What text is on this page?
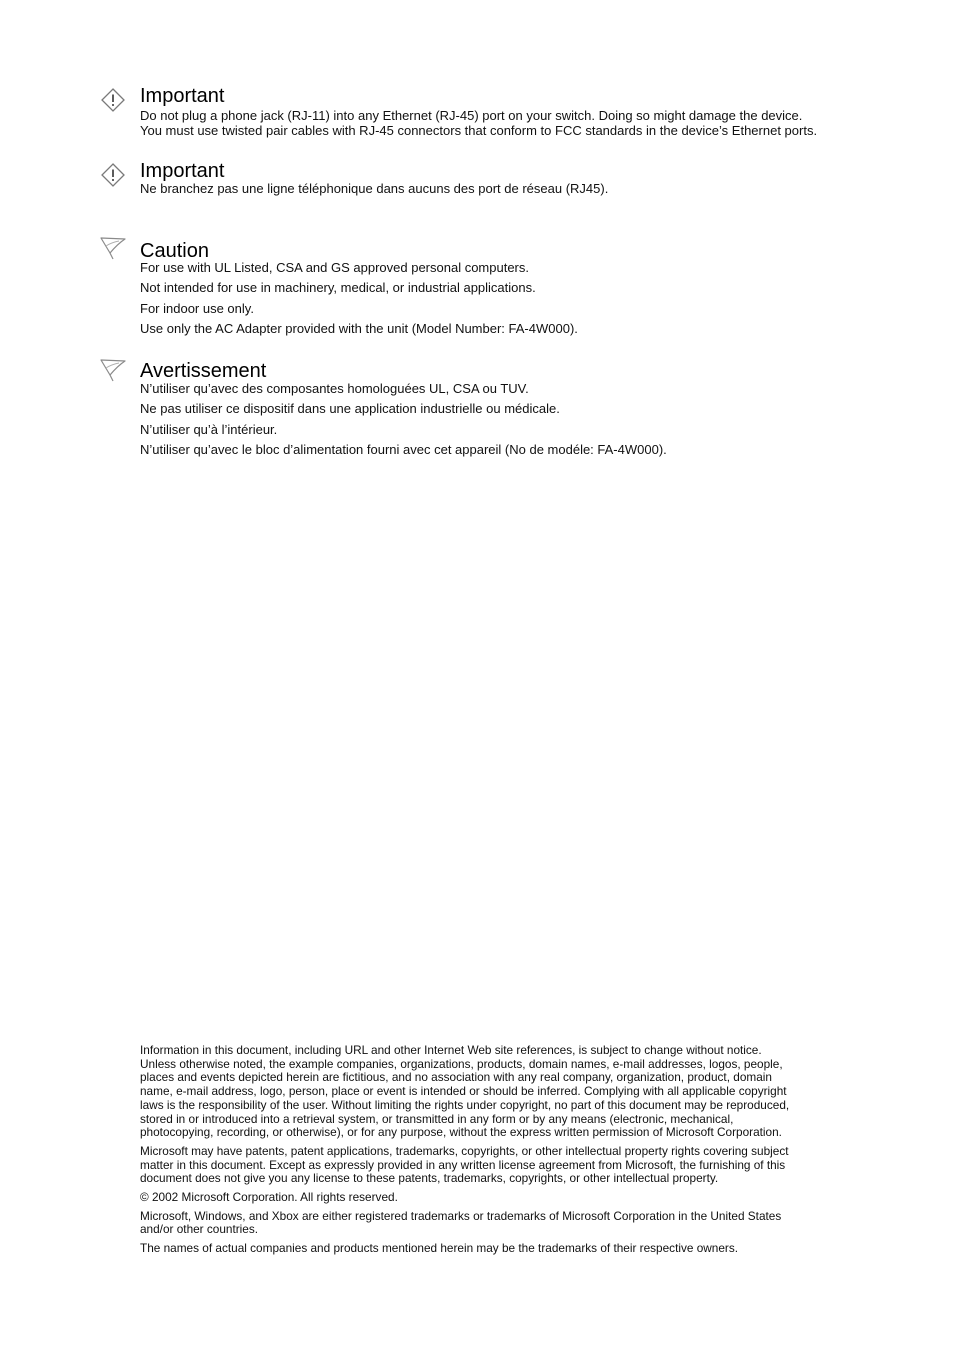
Important
Do not plug a phone jack (RJ-11) into any Ethernet (RJ-45) port on your switch. Doing so might damage the device.
You must use twisted pair cables with RJ-45 connectors that conform to FCC standards in the device’s Ethernet ports.
Important
Ne branchez pas une ligne téléphonique dans aucuns des port de réseau (RJ45).
Caution
For use with UL Listed, CSA and GS approved personal computers.
Not intended for use in machinery, medical, or industrial applications.
For indoor use only.
Use only the AC Adapter provided with the unit (Model Number: FA-4W000).
Avertissement
N’utiliser qu’avec des composantes homologuées UL, CSA ou TUV.
Ne pas utiliser ce dispositif dans une application industrielle ou médicale.
N’utiliser qu’à l’intérieur.
N’utiliser qu’avec le bloc d’alimentation fourni avec cet appareil (No de modéle: FA-4W000).

Information in this document, including URL and other Internet Web site references, is subject to change without notice.
Unless otherwise noted, the example companies, organizations, products, domain names, e-mail addresses, logos, people,
places and events depicted herein are fictitious, and no association with any real company, organization, product, domain
name, e-mail address, logo, person, place or event is intended or should be inferred. Complying with all applicable copyright
laws is the responsibility of the user. Without limiting the rights under copyright, no part of this document may be reproduced,
stored in or introduced into a retrieval system, or transmitted in any form or by any means (electronic, mechanical,
photocopying, recording, or otherwise), or for any purpose, without the express written permission of Microsoft Corporation.

Microsoft may have patents, patent applications, trademarks, copyrights, or other intellectual property rights covering subject
matter in this document. Except as expressly provided in any written license agreement from Microsoft, the furnishing of this
document does not give you any license to these patents, trademarks, copyrights, or other intellectual property.

© 2002 Microsoft Corporation. All rights reserved.

Microsoft, Windows, and Xbox are either registered trademarks or trademarks of Microsoft Corporation in the United States
and/or other countries.

The names of actual companies and products mentioned herein may be the trademarks of their respective owners.
